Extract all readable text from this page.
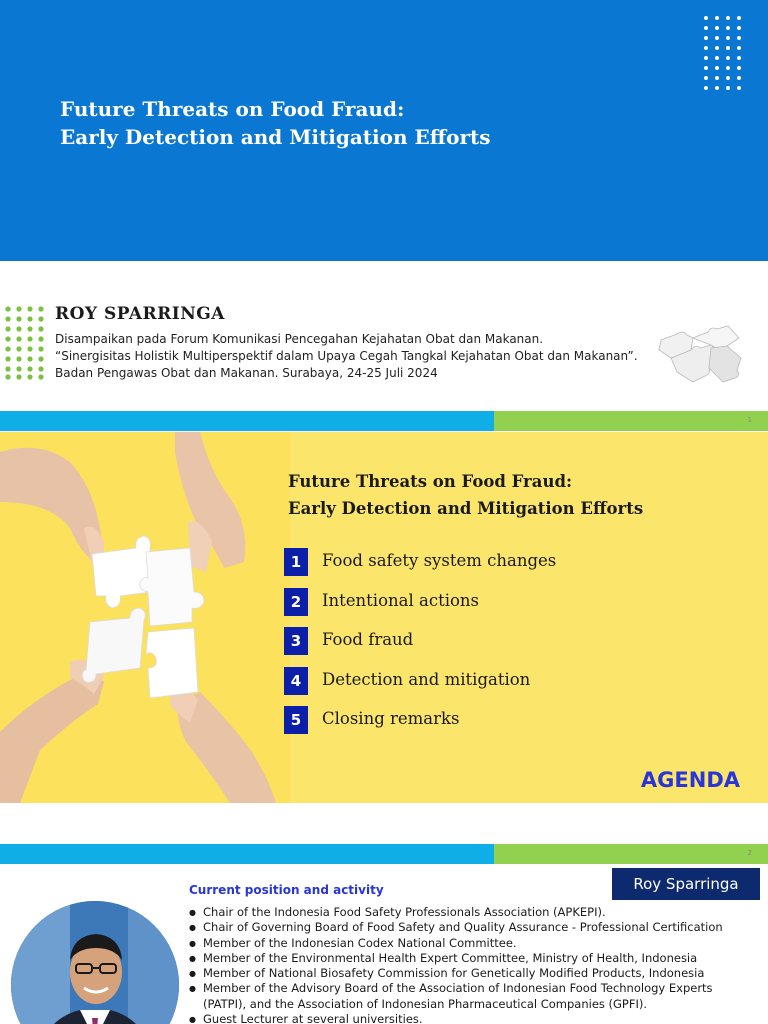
Future Threats on Food Fraud:
Early Detection and Mitigation Efforts
ROY SPARRINGA
Disampaikan pada Forum Komunikasi Pencegahan Kejahatan Obat dan Makanan.
“Sinergisitas Holistik Multiperspektif dalam Upaya Cegah Tangkal Kejahatan Obat dan Makanan”.
Badan Pengawas Obat dan Makanan. Surabaya, 24-25 Juli 2024
1
Future Threats on Food Fraud:
Early Detection and Mitigation Efforts
1	Food safety system changes
2	Intentional actions
3	Food fraud
4	Detection and mitigation
5	Closing remarks
AGENDA
2
Current position and activity	Roy Sparringa
● Chair of the Indonesia Food Safety Professionals Association (APKEPI).
● Chair of Governing Board of Food Safety and Quality Assurance - Professional Certification
● Member of the Indonesian Codex National Committee.
● Member of the Environmental Health Expert Committee, Ministry of Health, Indonesia
● Member of National Biosafety Commission for Genetically Modified Products, Indonesia
● Member of the Advisory Board of the Association of Indonesian Food Technology Experts
(PATPI), and the Association of Indonesian Pharmaceutical Companies (GPFI).
● Guest Lecturer at several universities.
